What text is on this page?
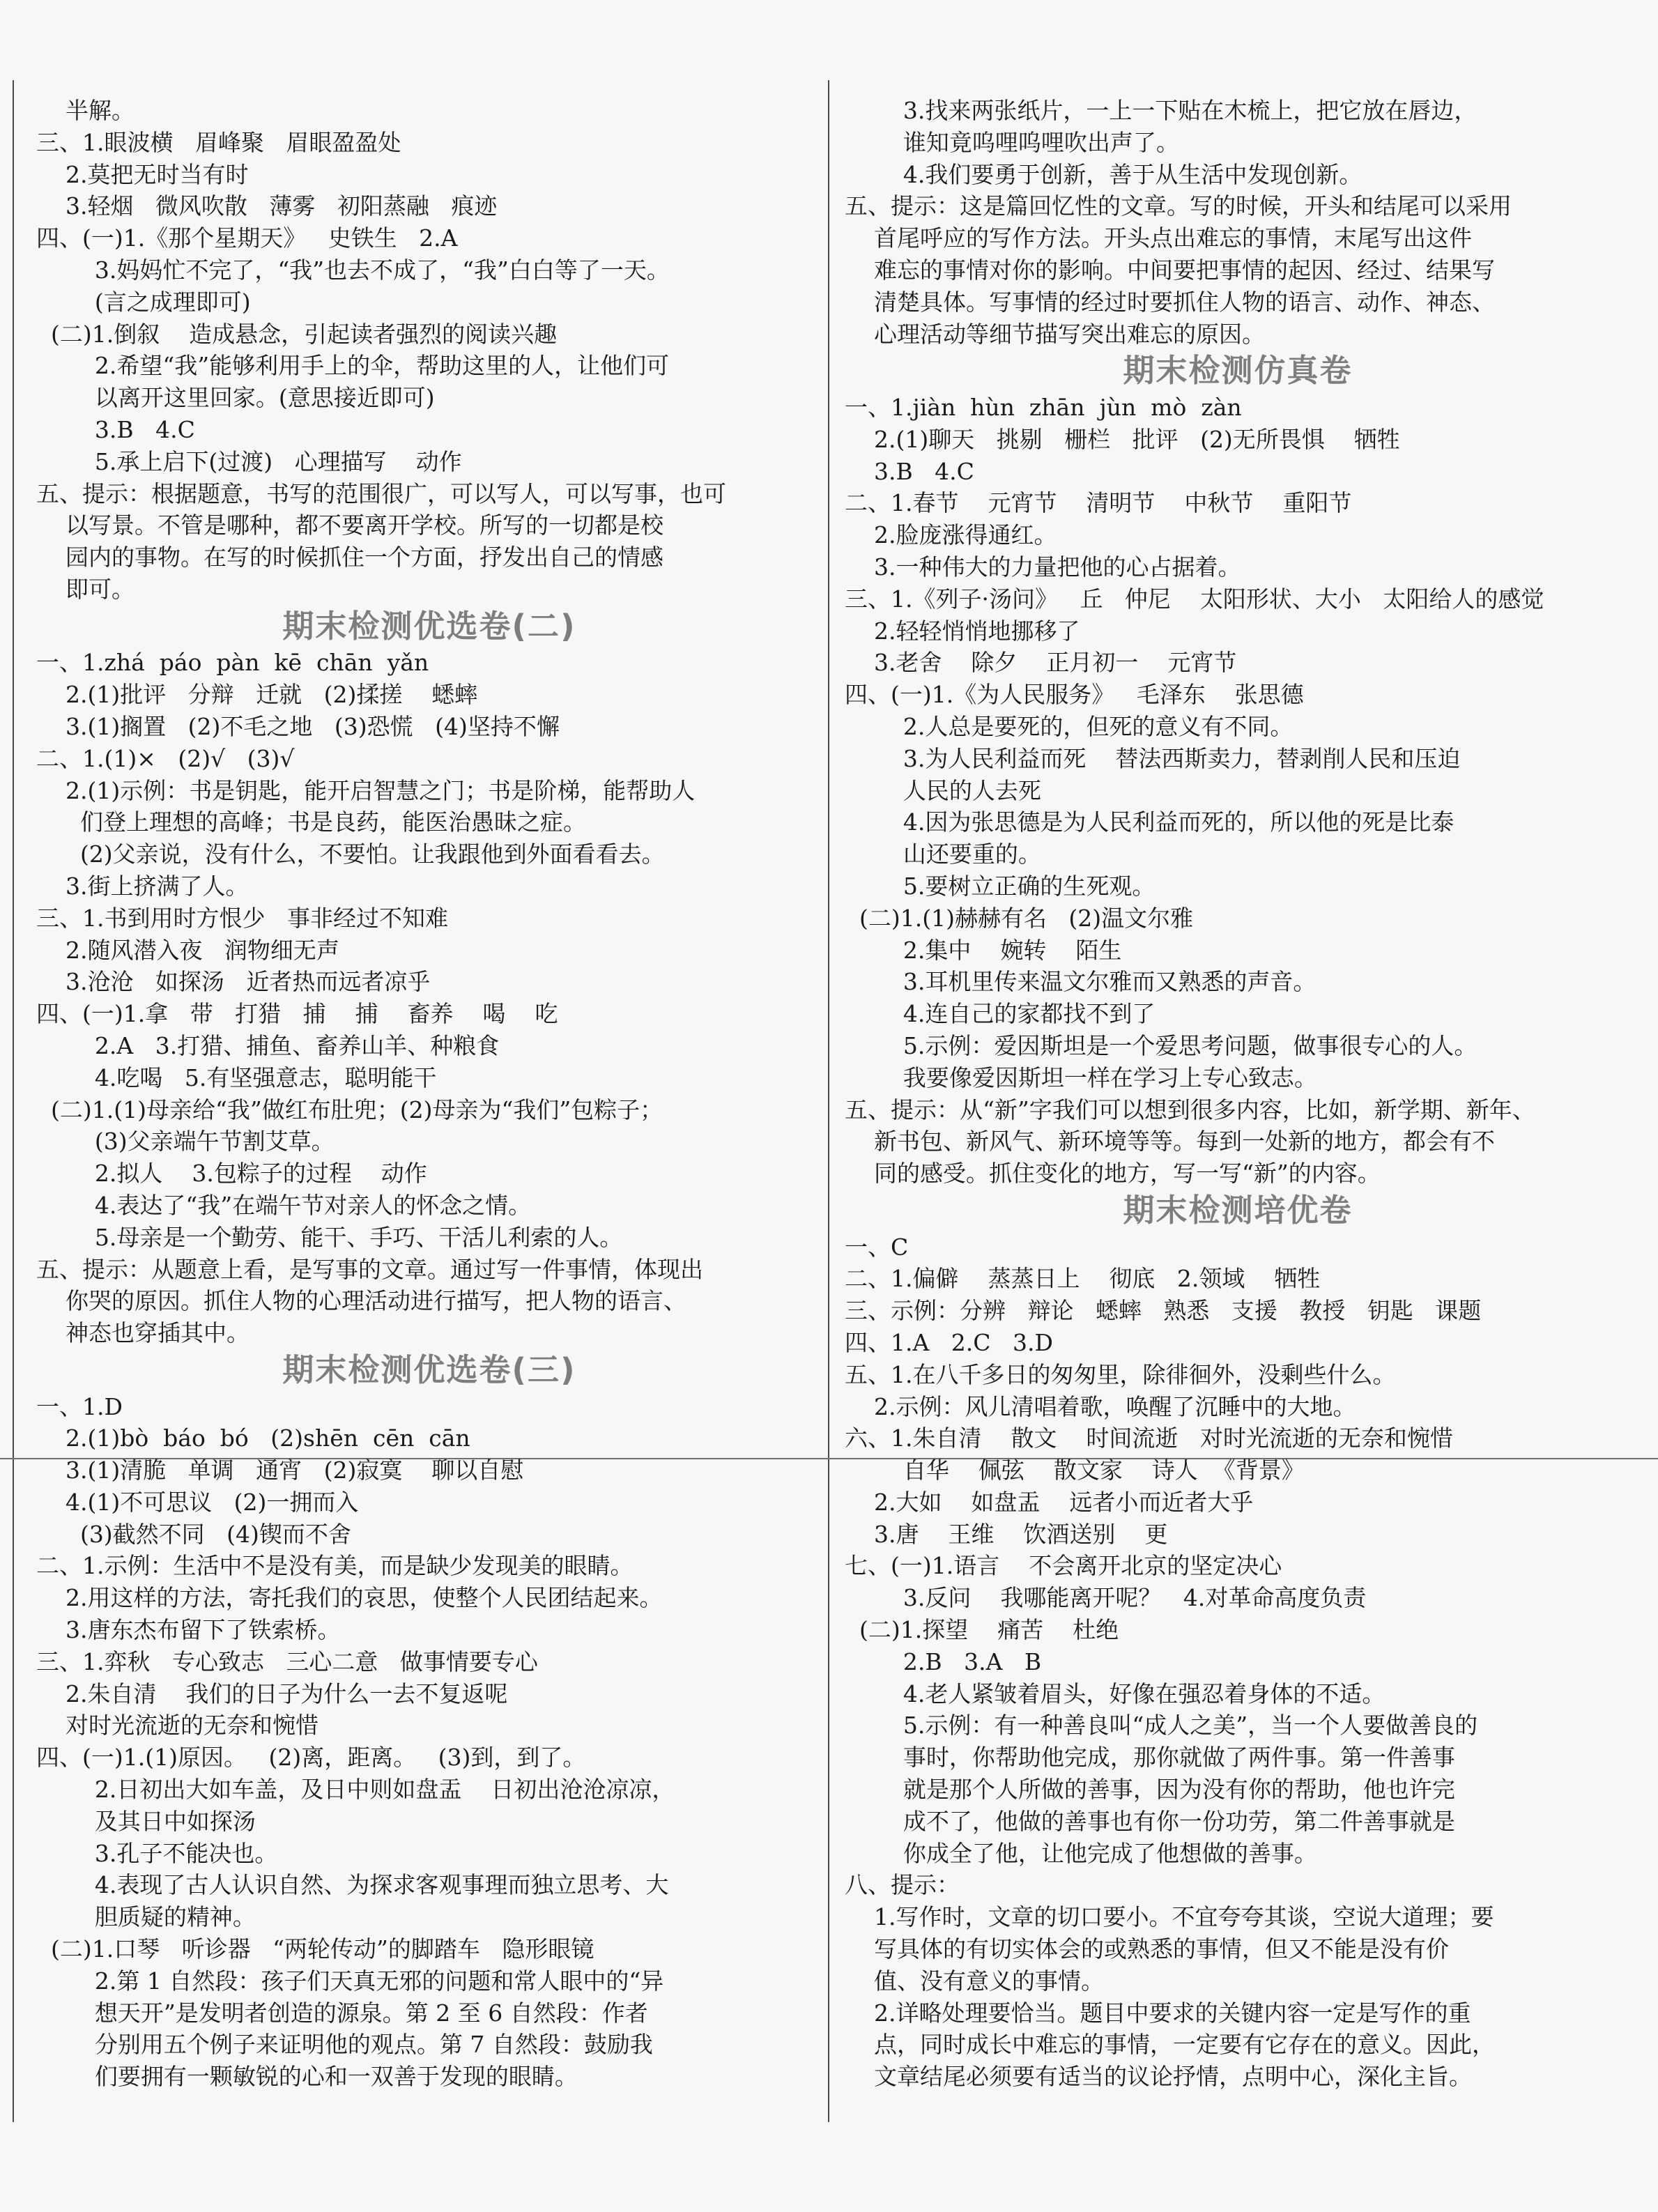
半解。
三、1.眼波横   眉峰聚   眉眼盈盈处
2.莫把无时当有时
3.轻烟   微风吹散   薄雾   初阳蒸融   痕迹
四、(一)1.《那个星期天》   史铁生   2.A
3.妈妈忙不完了，“我”也去不成了，“我”白白等了一天。
(言之成理即可)
(二)1.倒叙    造成悬念，引起读者强烈的阅读兴趣
2.希望“我”能够利用手上的伞，帮助这里的人，让他们可
以离开这里回家。(意思接近即可)
3.B   4.C
5.承上启下(过渡)   心理描写    动作
五、提示：根据题意，书写的范围很广，可以写人，可以写事，也可
以写景。不管是哪种，都不要离开学校。所写的一切都是校
园内的事物。在写的时候抓住一个方面，抒发出自己的情感
即可。
期末检测优选卷(二)
一、1.zhá  páo  pàn  kē  chān  yǎn
2.(1)批评   分辩   迁就   (2)揉搓    蟋蟀
3.(1)搁置   (2)不毛之地   (3)恐慌   (4)坚持不懈
二、1.(1)×   (2)√   (3)√
2.(1)示例：书是钥匙，能开启智慧之门；书是阶梯，能帮助人
们登上理想的高峰；书是良药，能医治愚昧之症。
(2)父亲说，没有什么，不要怕。让我跟他到外面看看去。
3.街上挤满了人。
三、1.书到用时方恨少   事非经过不知难
2.随风潜入夜   润物细无声
3.沧沧   如探汤   近者热而远者凉乎
四、(一)1.拿   带   打猎   捕    捕    畜养    喝    吃
2.A   3.打猎、捕鱼、畜养山羊、种粮食
4.吃喝   5.有坚强意志，聪明能干
(二)1.(1)母亲给“我”做红布肚兜；(2)母亲为“我们”包粽子；
(3)父亲端午节割艾草。
2.拟人    3.包粽子的过程    动作
4.表达了“我”在端午节对亲人的怀念之情。
5.母亲是一个勤劳、能干、手巧、干活儿利索的人。
五、提示：从题意上看，是写事的文章。通过写一件事情，体现出
你哭的原因。抓住人物的心理活动进行描写，把人物的语言、
神态也穿插其中。
期末检测优选卷(三)
一、1.D
2.(1)bò  báo  bó   (2)shēn  cēn  cān
3.(1)清脆   单调   通宵   (2)寂寞    聊以自慰
4.(1)不可思议   (2)一拥而入
(3)截然不同   (4)锲而不舍
二、1.示例：生活中不是没有美，而是缺少发现美的眼睛。
2.用这样的方法，寄托我们的哀思，使整个人民团结起来。
3.唐东杰布留下了铁索桥。
三、1.弈秋   专心致志   三心二意   做事情要专心
2.朱自清    我们的日子为什么一去不复返呢
对时光流逝的无奈和惋惜
四、(一)1.(1)原因。   (2)离，距离。   (3)到，到了。
2.日初出大如车盖，及日中则如盘盂    日初出沧沧凉凉，
及其日中如探汤
3.孔子不能决也。
4.表现了古人认识自然、为探求客观事理而独立思考、大
胆质疑的精神。
(二)1.口琴   听诊器   “两轮传动”的脚踏车   隐形眼镜
2.第 1 自然段：孩子们天真无邪的问题和常人眼中的“异
想天开”是发明者创造的源泉。第 2 至 6 自然段：作者
分别用五个例子来证明他的观点。第 7 自然段：鼓励我
们要拥有一颗敏锐的心和一双善于发现的眼睛。
3.找来两张纸片，一上一下贴在木梳上，把它放在唇边，
谁知竟呜哩呜哩吹出声了。
4.我们要勇于创新，善于从生活中发现创新。
五、提示：这是篇回忆性的文章。写的时候，开头和结尾可以采用
首尾呼应的写作方法。开头点出难忘的事情，末尾写出这件
难忘的事情对你的影响。中间要把事情的起因、经过、结果写
清楚具体。写事情的经过时要抓住人物的语言、动作、神态、
心理活动等细节描写突出难忘的原因。
期末检测仿真卷
一、1.jiàn  hùn  zhān  jùn  mò  zàn
2.(1)聊天   挑剔   栅栏   批评   (2)无所畏惧    牺牲
3.B   4.C
二、1.春节    元宵节    清明节    中秋节    重阳节
2.脸庞涨得通红。
3.一种伟大的力量把他的心占据着。
三、1.《列子·汤问》   丘   仲尼    太阳形状、大小   太阳给人的感觉
2.轻轻悄悄地挪移了
3.老舍    除夕    正月初一    元宵节
四、(一)1.《为人民服务》   毛泽东    张思德
2.人总是要死的，但死的意义有不同。
3.为人民利益而死    替法西斯卖力，替剥削人民和压迫
人民的人去死
4.因为张思德是为人民利益而死的，所以他的死是比泰
山还要重的。
5.要树立正确的生死观。
(二)1.(1)赫赫有名   (2)温文尔雅
2.集中    婉转    陌生
3.耳机里传来温文尔雅而又熟悉的声音。
4.连自己的家都找不到了
5.示例：爱因斯坦是一个爱思考问题，做事很专心的人。
我要像爱因斯坦一样在学习上专心致志。
五、提示：从“新”字我们可以想到很多内容，比如，新学期、新年、
新书包、新风气、新环境等等。每到一处新的地方，都会有不
同的感受。抓住变化的地方，写一写“新”的内容。
期末检测培优卷
一、C
二、1.偏僻    蒸蒸日上    彻底   2.领域    牺牲
三、示例：分辨   辩论   蟋蟀   熟悉   支援   教授   钥匙   课题
四、1.A   2.C   3.D
五、1.在八千多日的匆匆里，除徘徊外，没剩些什么。
2.示例：风儿清唱着歌，唤醒了沉睡中的大地。
六、1.朱自清    散文    时间流逝   对时光流逝的无奈和惋惜
自华    佩弦    散文家    诗人  《背景》
2.大如    如盘盂    远者小而近者大乎
3.唐    王维    饮酒送别    更
七、(一)1.语言    不会离开北京的坚定决心
3.反问    我哪能离开呢？   4.对革命高度负责
(二)1.探望    痛苦    杜绝
2.B   3.A   B
4.老人紧皱着眉头，好像在强忍着身体的不适。
5.示例：有一种善良叫“成人之美”，当一个人要做善良的
事时，你帮助他完成，那你就做了两件事。第一件善事
就是那个人所做的善事，因为没有你的帮助，他也许完
成不了，他做的善事也有你一份功劳，第二件善事就是
你成全了他，让他完成了他想做的善事。
八、提示：
1.写作时，文章的切口要小。不宜夸夸其谈，空说大道理；要
写具体的有切实体会的或熟悉的事情，但又不能是没有价
值、没有意义的事情。
2.详略处理要恰当。题目中要求的关键内容一定是写作的重
点，同时成长中难忘的事情，一定要有它存在的意义。因此，
文章结尾必须要有适当的议论抒情，点明中心，深化主旨。
